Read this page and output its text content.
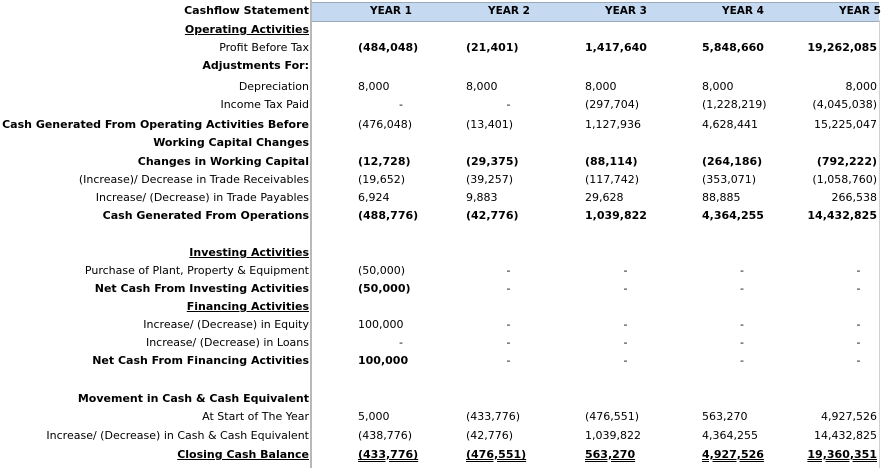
Cashflow Statement	YEAR 1	YEAR 2	YEAR 3	YEAR 4	YEAR 5
Operating Activities
Profit Before Tax	(484,048)	(21,401)	1,417,640	5,848,660	19,262,085
Adjustments For:
Depreciation	8,000	8,000	8,000	8,000	8,000
Income Tax Paid	-	-	(297,704)	(1,228,219)	(4,045,038)
Cash Generated From Operating Activities Before	(476,048)	(13,401)	1,127,936	4,628,441	15,225,047
Working Capital Changes
Changes in Working Capital	(12,728)	(29,375)	(88,114)	(264,186)	(792,222)
(Increase)/ Decrease in Trade Receivables	(19,652)	(39,257)	(117,742)	(353,071)	(1,058,760)
Increase/ (Decrease) in Trade Payables	6,924	9,883	29,628	88,885	266,538
Cash Generated From Operations	(488,776)	(42,776)	1,039,822	4,364,255	14,432,825
Investing Activities
Purchase of Plant, Property & Equipment	(50,000)	-	-	-	-
Net Cash From Investing Activities	(50,000)	-	-	-	-
Financing Activities
Increase/ (Decrease) in Equity	100,000	-	-	-	-
Increase/ (Decrease) in Loans	-	-	-	-	-
Net Cash From Financing Activities	100,000	-	-	-	-
Movement in Cash & Cash Equivalent
At Start of The Year	5,000	(433,776)	(476,551)	563,270	4,927,526
Increase/ (Decrease) in Cash & Cash Equivalent	(438,776)	(42,776)	1,039,822	4,364,255	14,432,825
Closing Cash Balance	(433,776)	(476,551)	563,270	4,927,526	19,360,351
